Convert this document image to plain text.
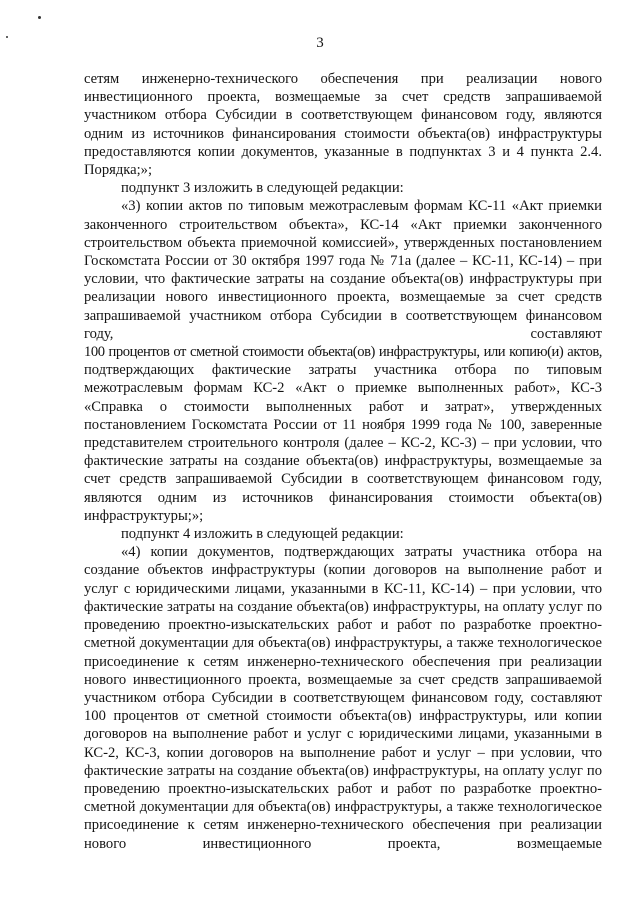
3

сетям инженерно-технического обеспечения при реализации нового инвестиционного проекта, возмещаемые за счет средств запрашиваемой участником отбора Субсидии в соответствующем финансовом году, являются одним из источников финансирования стоимости объекта(ов) инфраструктуры предоставляются копии документов, указанные в подпунктах 3 и 4 пункта 2.4. Порядка;»;

подпункт 3 изложить в следующей редакции:

«3) копии актов по типовым межотраслевым формам КС-11 «Акт приемки законченного строительством объекта», КС-14 «Акт приемки законченного строительством объекта приемочной комиссией», утвержденных постановлением Госкомстата России от 30 октября 1997 года № 71а (далее – КС-11, КС-14) – при условии, что фактические затраты на создание объекта(ов) инфраструктуры при реализации нового инвестиционного проекта, возмещаемые за счет средств запрашиваемой участником отбора Субсидии в соответствующем финансовом году, составляют

100 процентов от сметной стоимости объекта(ов) инфраструктуры, или копию(и) актов,

подтверждающих фактические затраты участника отбора по типовым межотраслевым формам КС-2 «Акт о приемке выполненных работ», КС-3 «Справка о стоимости выполненных работ и затрат», утвержденных постановлением Госкомстата России от 11 ноября 1999 года № 100, заверенные представителем строительного контроля (далее – КС-2, КС-3) – при условии, что фактические затраты на создание объекта(ов) инфраструктуры, возмещаемые за счет средств запрашиваемой Субсидии в соответствующем финансовом году, являются одним из источников финансирования стоимости объекта(ов) инфраструктуры;»;

подпункт 4 изложить в следующей редакции:

«4) копии документов, подтверждающих затраты участника отбора на создание объектов инфраструктуры (копии договоров на выполнение работ и услуг с юридическими лицами, указанными в КС-11, КС-14) – при условии, что фактические затраты на создание объекта(ов) инфраструктуры, на оплату услуг по проведению проектно-изыскательских работ и работ по разработке проектно-сметной документации для объекта(ов) инфраструктуры, а также технологическое присоединение к сетям инженерно-технического обеспечения при реализации нового инвестиционного проекта, возмещаемые за счет средств запрашиваемой участником отбора Субсидии в соответствующем финансовом году, составляют 100 процентов от сметной стоимости объекта(ов) инфраструктуры, или копии договоров на выполнение работ и услуг с юридическими лицами, указанными в КС-2, КС-3, копии договоров на выполнение работ и услуг – при условии, что фактические затраты на создание объекта(ов) инфраструктуры, на оплату услуг по проведению проектно-изыскательских работ и работ по разработке проектно-сметной документации для объекта(ов) инфраструктуры, а также технологическое присоединение к сетям инженерно-технического обеспечения при реализации нового инвестиционного проекта, возмещаемые
